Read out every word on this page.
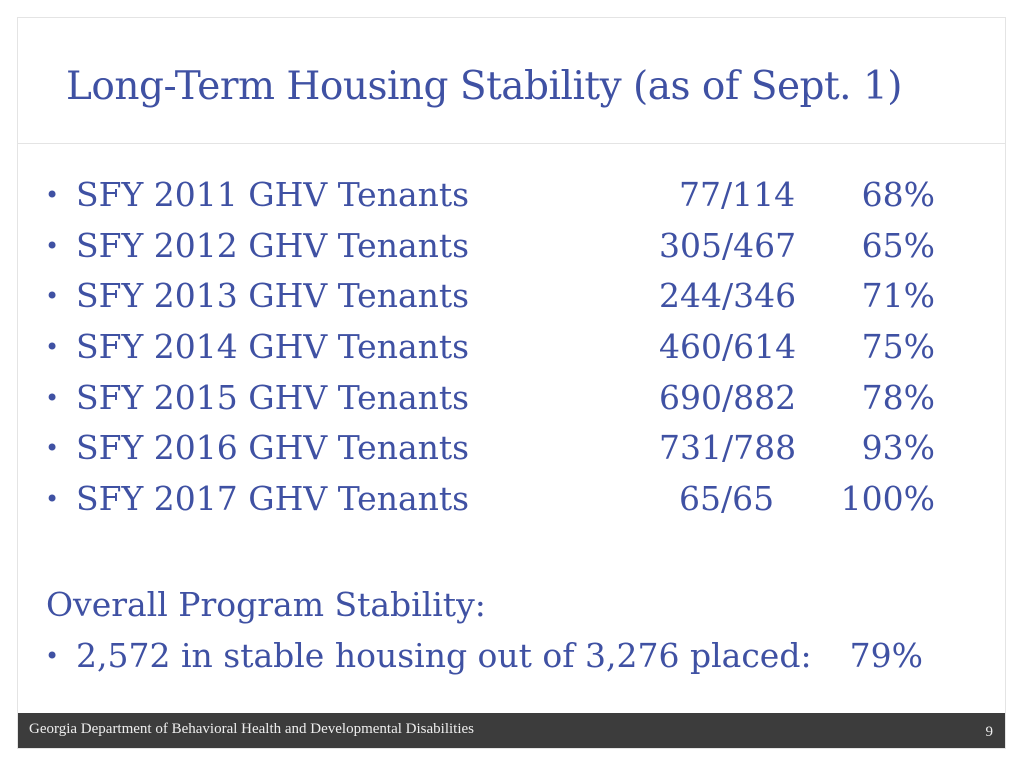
Long-Term Housing Stability (as of Sept. 1)
• SFY 2011 GHV Tenants	77/114	68%
• SFY 2012 GHV Tenants	305/467	65%
• SFY 2013 GHV Tenants	244/346	71%
• SFY 2014 GHV Tenants	460/614	75%
• SFY 2015 GHV Tenants	690/882	78%
• SFY 2016 GHV Tenants	731/788	93%
• SFY 2017 GHV Tenants	65/65	100%
Overall Program Stability:
• 2,572 in stable housing out of 3,276 placed: 79%
Georgia Department of Behavioral Health and Developmental Disabilities	9
